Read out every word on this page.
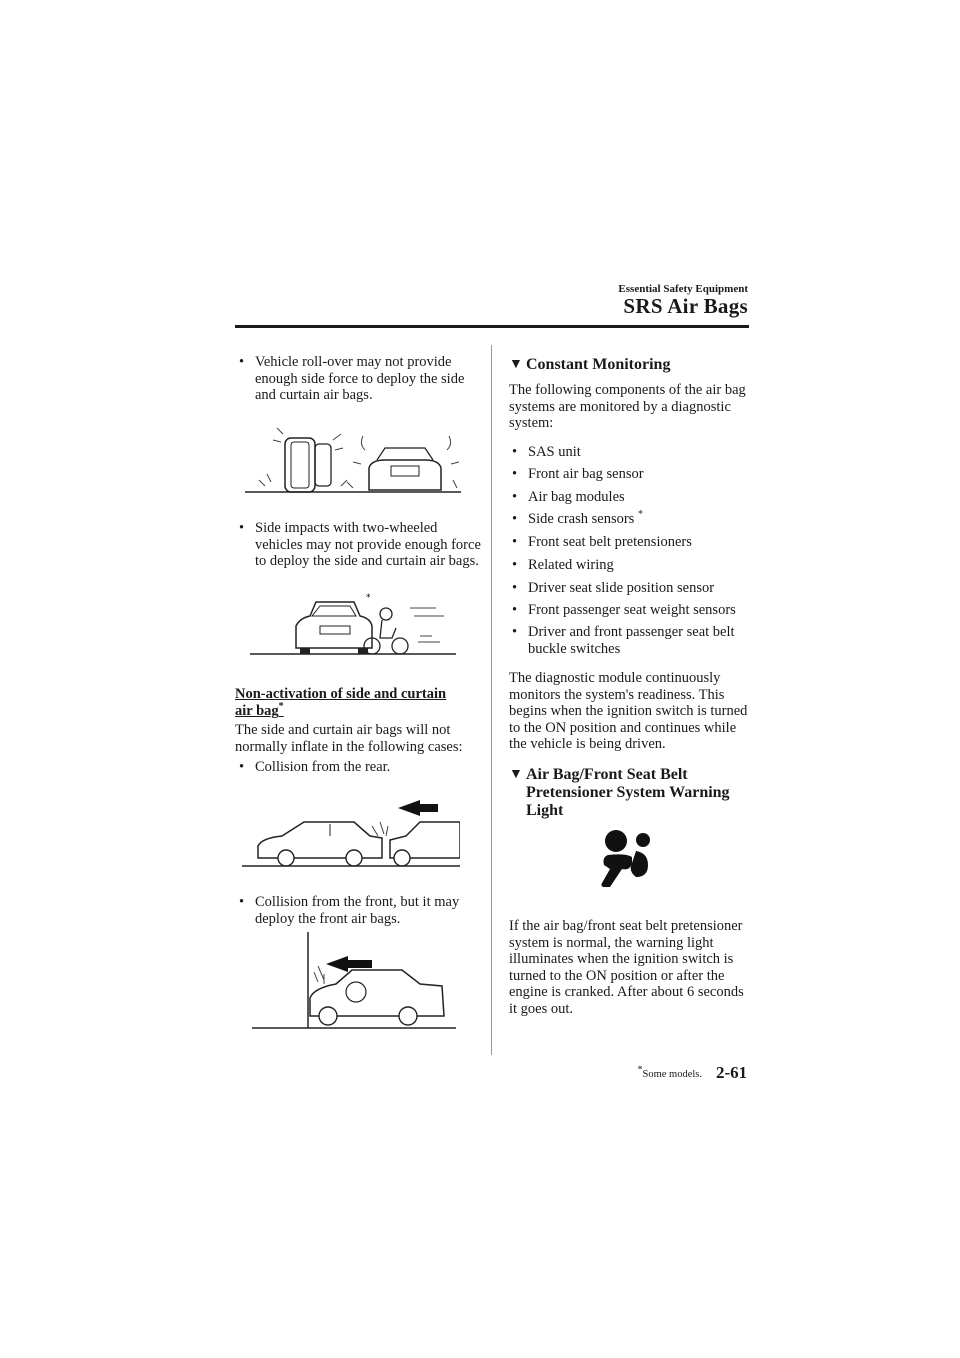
Essential Safety Equipment
SRS Air Bags
• Vehicle roll-over may not provide enough side force to deploy the side and curtain air bags.
• Side impacts with two-wheeled vehicles may not provide enough force to deploy the side and curtain air bags.
*
Non-activation of side and curtain air bag*
The side and curtain air bags will not normally inflate in the following cases:
• Collision from the rear.
• Collision from the front, but it may deploy the front air bags.
▼ Constant Monitoring
The following components of the air bag systems are monitored by a diagnostic system:
• SAS unit
• Front air bag sensor
• Air bag modules
• Side crash sensors *
• Front seat belt pretensioners
• Related wiring
• Driver seat slide position sensor
• Front passenger seat weight sensors
• Driver and front passenger seat belt buckle switches
The diagnostic module continuously monitors the system's readiness. This begins when the ignition switch is turned to the ON position and continues while the vehicle is being driven.
▼ Air Bag/Front Seat Belt
Pretensioner System Warning Light
If the air bag/front seat belt pretensioner system is normal, the warning light illuminates when the ignition switch is turned to the ON position or after the engine is cranked. After about 6 seconds it goes out.
*Some models. 2-61
